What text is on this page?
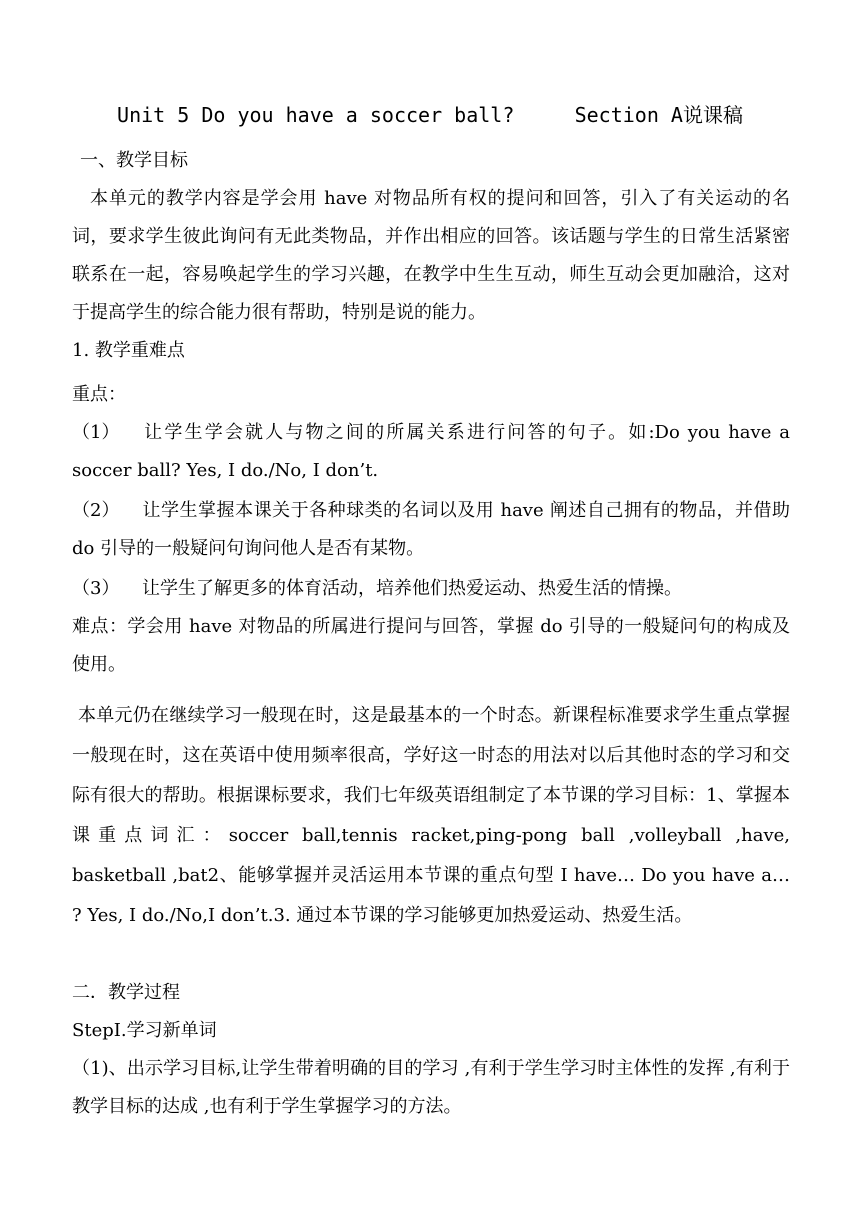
Unit 5 Do you have a soccer ball?     Section A说课稿
一、教学目标
本单元的教学内容是学会用 have 对物品所有权的提问和回答，引入了有关运动的名词，要求学生彼此询问有无此类物品，并作出相应的回答。该话题与学生的日常生活紧密联系在一起，容易唤起学生的学习兴趣，在教学中生生互动，师生互动会更加融洽，这对于提高学生的综合能力很有帮助，特别是说的能力。
1. 教学重难点
重点：
（1） 让学生学会就人与物之间的所属关系进行问答的句子。如:Do you have a soccer ball? Yes, I do./No, I don’t.
（2） 让学生掌握本课关于各种球类的名词以及用 have 阐述自己拥有的物品，并借助 do 引导的一般疑问句询问他人是否有某物。
（3） 让学生了解更多的体育活动，培养他们热爱运动、热爱生活的情操。
难点：学会用 have 对物品的所属进行提问与回答，掌握 do 引导的一般疑问句的构成及使用。
本单元仍在继续学习一般现在时，这是最基本的一个时态。新课程标准要求学生重点掌握一般现在时，这在英语中使用频率很高，学好这一时态的用法对以后其他时态的学习和交际有很大的帮助。根据课标要求，我们七年级英语组制定了本节课的学习目标：1、掌握本课重点词汇：soccer ball,tennis racket,ping-pong ball ,volleyball ,have, basketball ,bat2、能够掌握并灵活运用本节课的重点句型 I have… Do you have a… ? Yes, I do./No,I don’t.3. 通过本节课的学习能够更加热爱运动、热爱生活。
二．教学过程
StepI.学习新单词
（1)、出示学习目标,让学生带着明确的目的学习 ,有利于学生学习时主体性的发挥 ,有利于教学目标的达成 ,也有利于学生掌握学习的方法。
